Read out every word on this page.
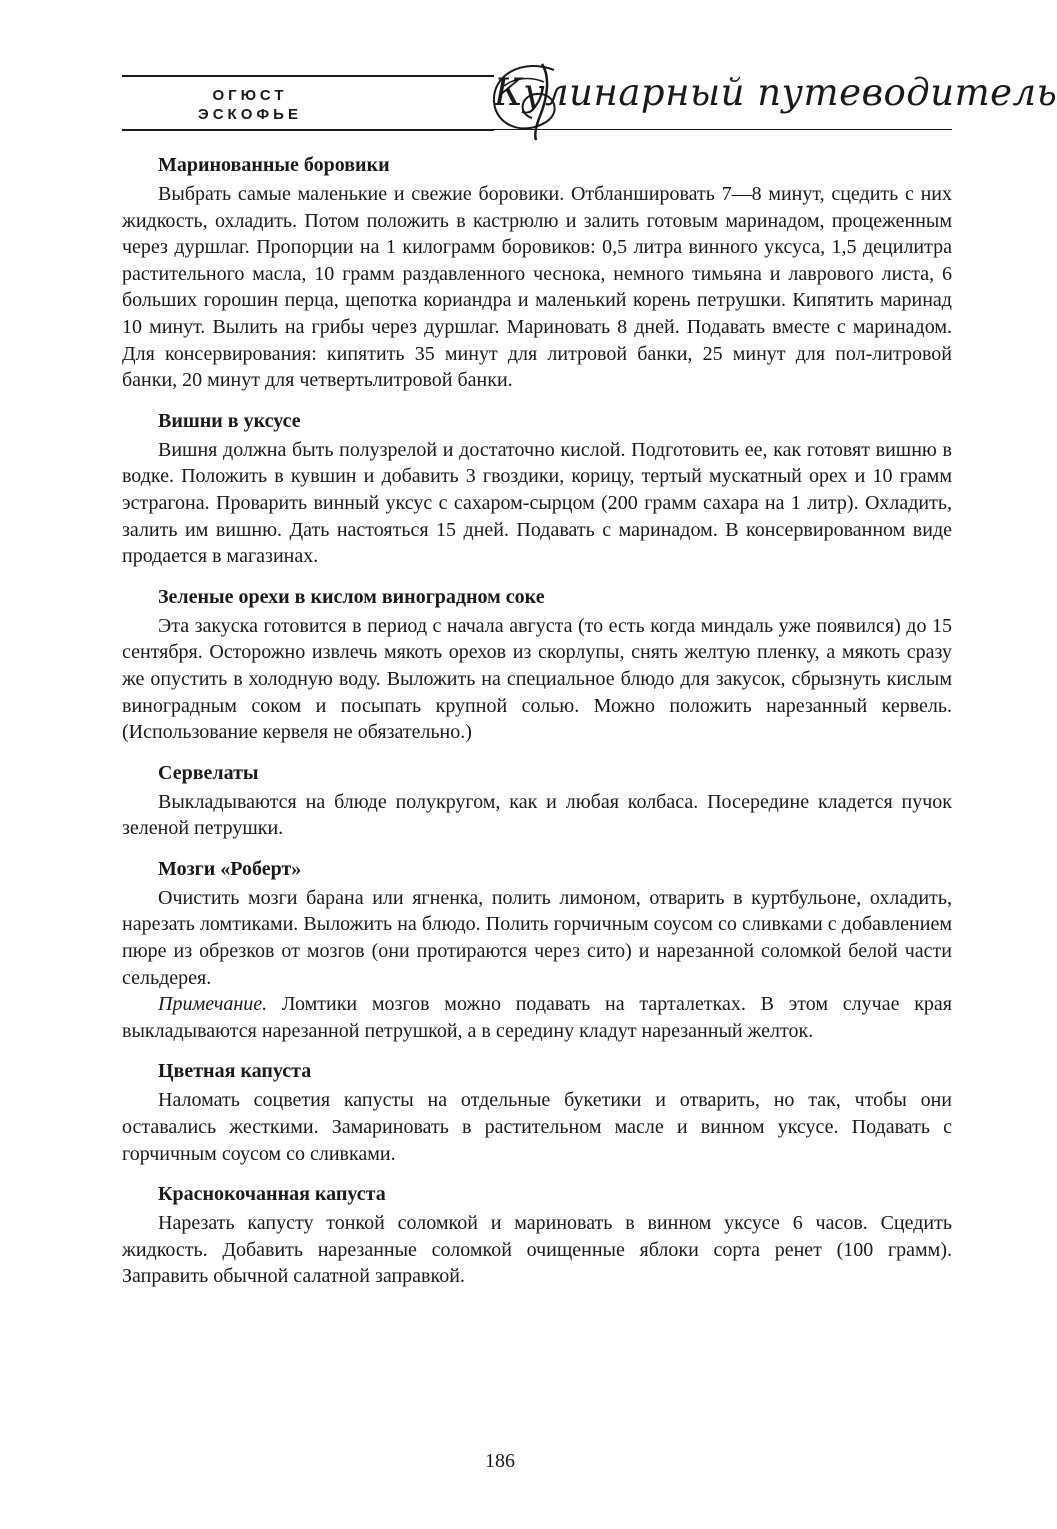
ОГЮСТ
ЭСКОФЬЕ
Кулинарный путеводитель
Маринованные боровики

Выбрать самые маленькие и свежие боровики. Отбланшировать 7—8 минут, сцедить с них жидкость, охладить. Потом положить в кастрюлю и залить готовым маринадом, процеженным через дуршлаг. Пропорции на 1 килограмм боровиков: 0,5 литра винного уксуса, 1,5 децилитра растительного масла, 10 грамм раздавленного чеснока, немного тимьяна и лаврового листа, 6 больших горошин перца, щепотка кориандра и маленький корень петрушки. Кипятить маринад 10 минут. Вылить на грибы через дуршлаг. Мариновать 8 дней. Подавать вместе с маринадом. Для консервирования: кипятить 35 минут для литровой банки, 25 минут для пол-литровой банки, 20 минут для четвертьлитровой банки.

Вишни в уксусе

Вишня должна быть полузрелой и достаточно кислой. Подготовить ее, как готовят вишню в водке. Положить в кувшин и добавить 3 гвоздики, корицу, тертый мускатный орех и 10 грамм эстрагона. Проварить винный уксус с сахаром-сырцом (200 грамм сахара на 1 литр). Охладить, залить им вишню. Дать настояться 15 дней. Подавать с маринадом. В консервированном виде продается в магазинах.

Зеленые орехи в кислом виноградном соке

Эта закуска готовится в период с начала августа (то есть когда миндаль уже появился) до 15 сентября. Осторожно извлечь мякоть орехов из скорлупы, снять желтую пленку, а мякоть сразу же опустить в холодную воду. Выложить на специальное блюдо для закусок, сбрызнуть кислым виноградным соком и посыпать крупной солью. Можно положить нарезанный кервель. (Использование кервеля не обязательно.)

Сервелаты

Выкладываются на блюде полукругом, как и любая колбаса. Посередине кладется пучок зеленой петрушки.

Мозги «Роберт»

Очистить мозги барана или ягненка, полить лимоном, отварить в куртбульоне, охладить, нарезать ломтиками. Выложить на блюдо. Полить горчичным соусом со сливками с добавлением пюре из обрезков от мозгов (они протираются через сито) и нарезанной соломкой белой части сельдерея.

Примечание. Ломтики мозгов можно подавать на тарталетках. В этом случае края выкладываются нарезанной петрушкой, а в середину кладут нарезанный желток.

Цветная капуста

Наломать соцветия капусты на отдельные букетики и отварить, но так, чтобы они оставались жесткими. Замариновать в растительном масле и винном уксусе. Подавать с горчичным соусом со сливками.

Краснокочанная капуста

Нарезать капусту тонкой соломкой и мариновать в винном уксусе 6 часов. Сцедить жидкость. Добавить нарезанные соломкой очищенные яблоки сорта ренет (100 грамм). Заправить обычной салатной заправкой.

186
